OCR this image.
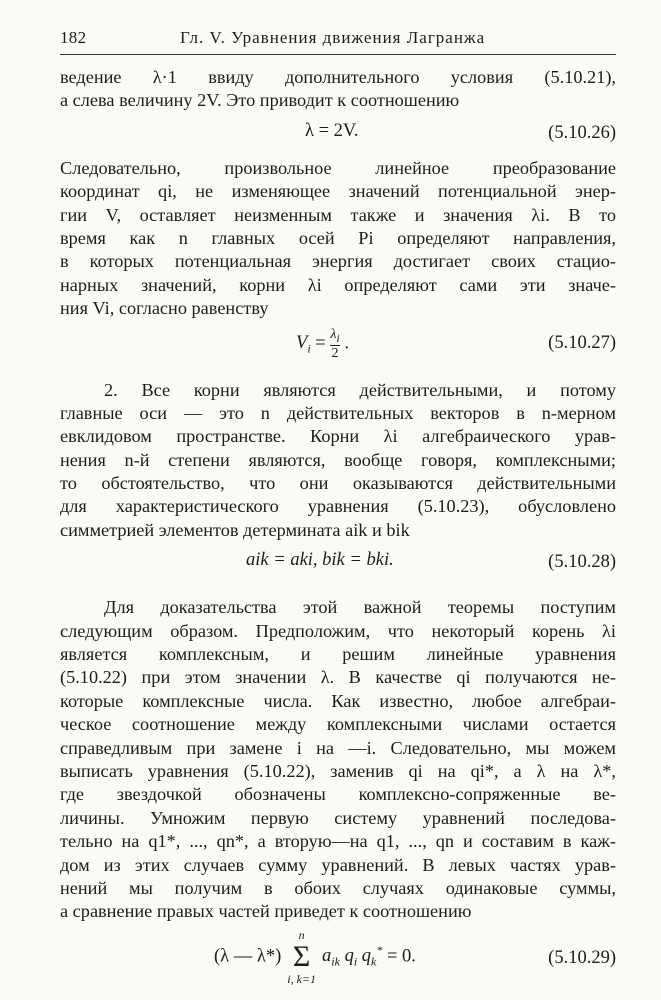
182	Гл. V. Уравнения движения Лагранжа
ведение λ·1 ввиду дополнительного условия (5.10.21),
а слева величину 2V. Это приводит к соотношению
λ = 2V.	(5.10.26)
Следовательно, произвольное линейное преобразование
координат qi, не изменяющее значений потенциальной энер-
гии V, оставляет неизменным также и значения λi. В то
время как n главных осей Pi определяют направления,
в которых потенциальная энергия достигает своих стацио-
нарных значений, корни λi определяют сами эти значе-
ния Vi, согласно равенству
$V_i = \frac{\lambda_i}{2}$ .	(5.10.27)
2. Все корни являются действительными, и потому
главные оси — это n действительных векторов в n-мерном
евклидовом пространстве. Корни λi алгебраического урав-
нения n-й степени являются, вообще говоря, комплексными;
то обстоятельство, что они оказываются действительными
для характеристического уравнения (5.10.23), обусловлено
симметрией элементов детермината aik и bik
aik = aki, bik = bki.	(5.10.28)
Для доказательства этой важной теоремы поступим
следующим образом. Предположим, что некоторый корень λi
является комплексным, и решим линейные уравнения
(5.10.22) при этом значении λ. В качестве qi получаются не-
которые комплексные числа. Как известно, любое алгебраи-
ческое соотношение между комплексными числами остается
справедливым при замене i на —i. Следовательно, мы можем
выписать уравнения (5.10.22), заменив qi на qi*, а λ на λ*,
где звездочкой обозначены комплексно-сопряженные ве-
личины. Умножим первую систему уравнений последова-
тельно на q1*, ..., qn*, а вторую—на q1, ..., qn и составим в каж-
дом из этих случаев сумму уравнений. В левых частях урав-
нений мы получим в обоих случаях одинаковые суммы,
а сравнение правых частей приведет к соотношению
(λ — λ*)
n
Σ
i, k=1
$a_{ik}$ $q_i$ $q_k^* = 0$.	(5.10.29)
